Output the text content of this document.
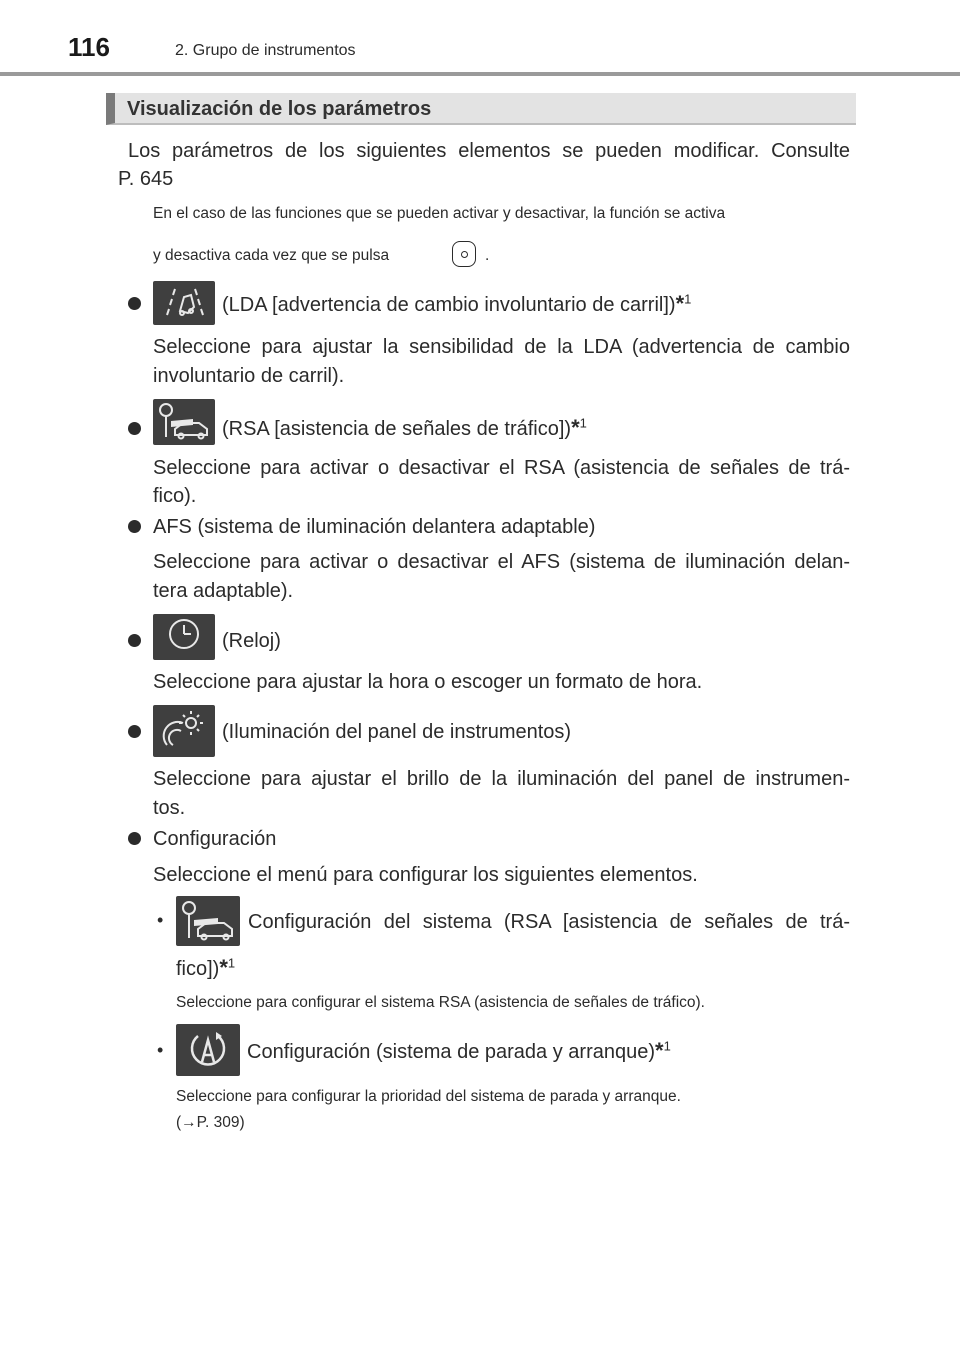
116	2. Grupo de instrumentos
Visualización de los parámetros
Los parámetros de los siguientes elementos se pueden modificar. Consulte
P. 645
En el caso de las funciones que se pueden activar y desactivar, la función se activa
y desactiva cada vez que se pulsa	.
(LDA [advertencia de cambio involuntario de carril])*$^1$
Seleccione para ajustar la sensibilidad de la LDA (advertencia de cambio
involuntario de carril).
(RSA [asistencia de señales de tráfico])*$^1$
Seleccione para activar o desactivar el RSA (asistencia de señales de trá-
fico).
AFS (sistema de iluminación delantera adaptable)
Seleccione para activar o desactivar el AFS (sistema de iluminación delan-
tera adaptable).
(Reloj)
Seleccione para ajustar la hora o escoger un formato de hora.
(Iluminación del panel de instrumentos)
Seleccione para ajustar el brillo de la iluminación del panel de instrumen-
tos.
Configuración
Seleccione el menú para configurar los siguientes elementos.
•	Configuración del sistema (RSA [asistencia de señales de trá-
fico])*$^1$
Seleccione para configurar el sistema RSA (asistencia de señales de tráfico).
•	Configuración (sistema de parada y arranque)*$^1$
Seleccione para configurar la prioridad del sistema de parada y arranque.
(→P. 309)
